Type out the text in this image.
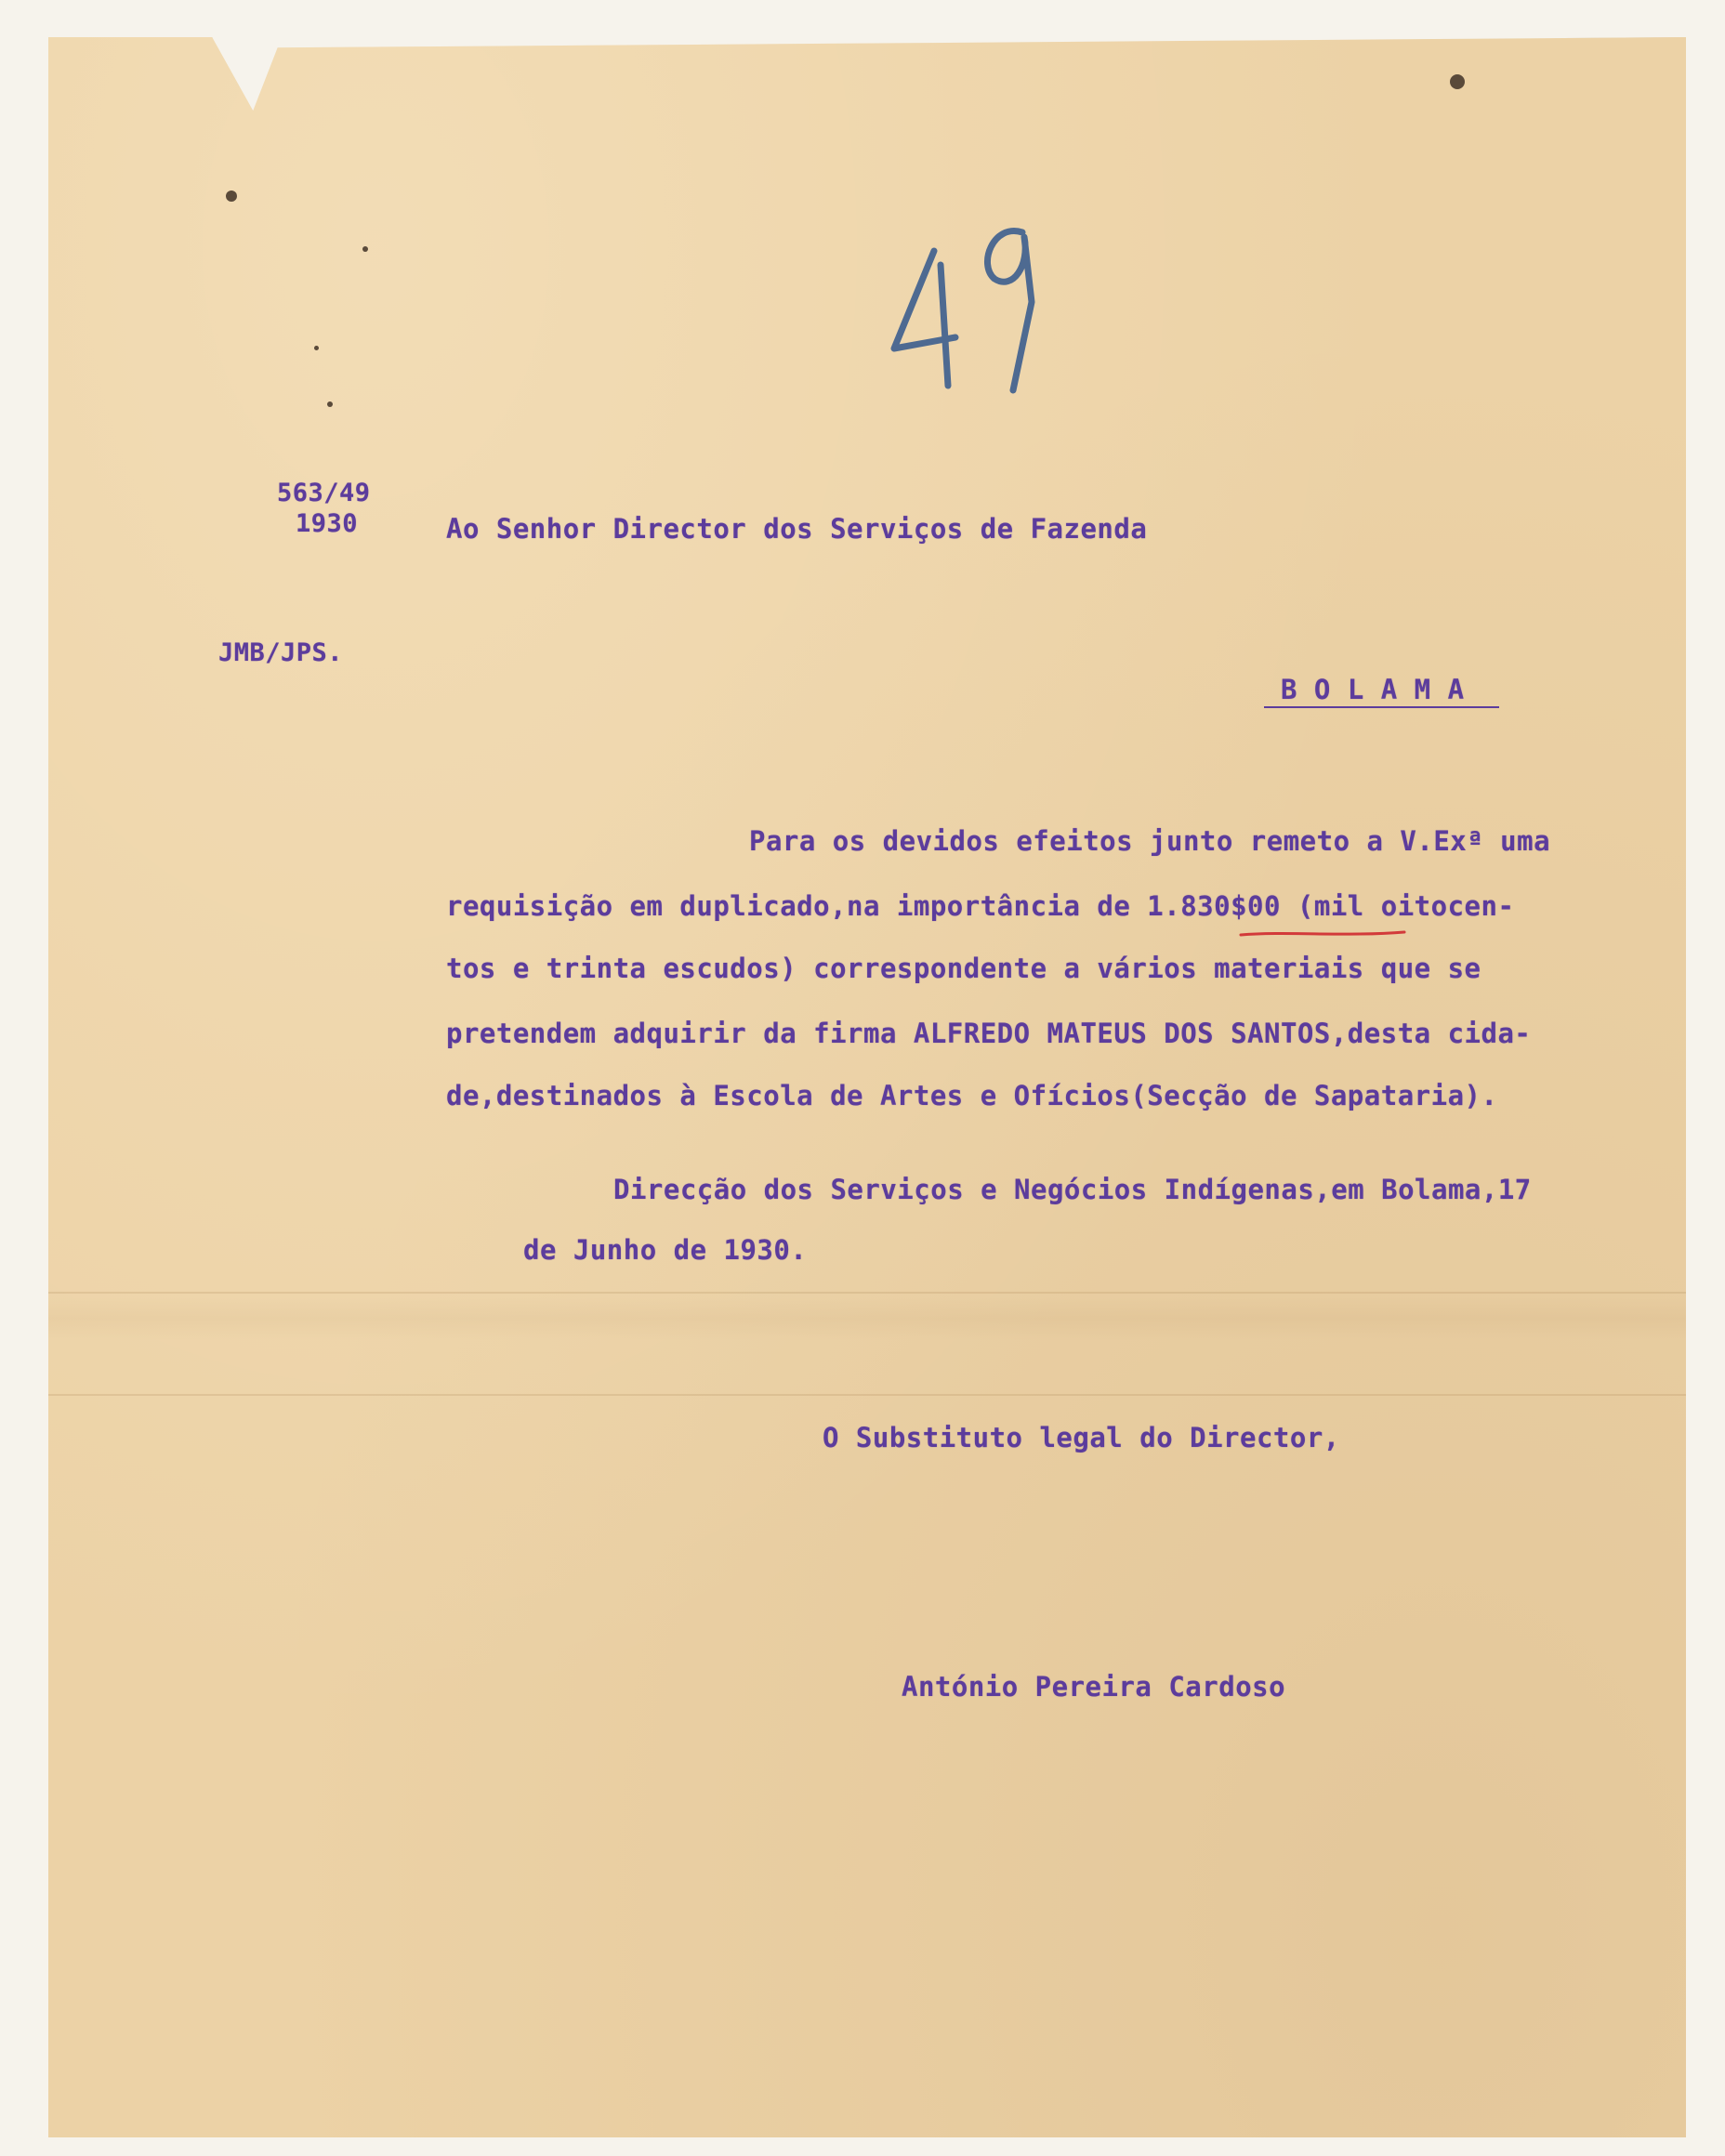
563/49
1930
JMB/JPS.
Ao Senhor Director dos Serviços de Fazenda
B O L A M A
Para os devidos efeitos junto remeto a V.Exª uma
requisição em duplicado,na importância de 1.830$00 (mil oitocen-
tos e trinta escudos) correspondente a vários materiais que se
pretendem adquirir da firma ALFREDO MATEUS DOS SANTOS,desta cida-
de,destinados à Escola de Artes e Ofícios(Secção de Sapataria).
Direcção dos Serviços e Negócios Indígenas,em Bolama,17
de Junho de 1930.
O Substituto legal do Director,
António Pereira Cardoso
